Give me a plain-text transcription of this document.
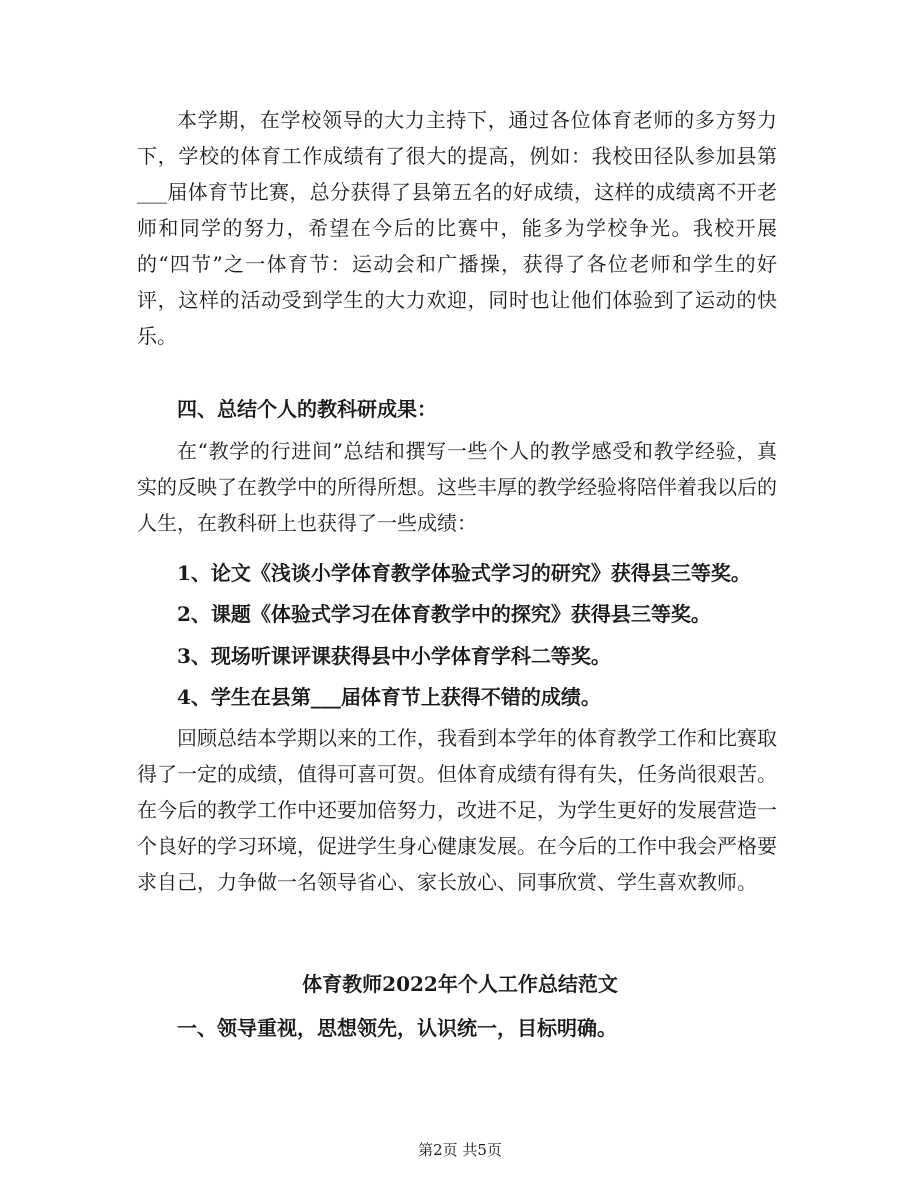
本学期，在学校领导的大力主持下，通过各位体育老师的多方努力下，学校的体育工作成绩有了很大的提高，例如：我校田径队参加县第___届体育节比赛，总分获得了县第五名的好成绩，这样的成绩离不开老师和同学的努力，希望在今后的比赛中，能多为学校争光。我校开展的“四节”之一体育节：运动会和广播操，获得了各位老师和学生的好评，这样的活动受到学生的大力欢迎，同时也让他们体验到了运动的快乐。

四、总结个人的教科研成果：

在“教学的行进间”总结和撰写一些个人的教学感受和教学经验，真实的反映了在教学中的所得所想。这些丰厚的教学经验将陪伴着我以后的人生，在教科研上也获得了一些成绩：

1、论文《浅谈小学体育教学体验式学习的研究》获得县三等奖。

2、课题《体验式学习在体育教学中的探究》获得县三等奖。

3、现场听课评课获得县中小学体育学科二等奖。

4、学生在县第___届体育节上获得不错的成绩。

回顾总结本学期以来的工作，我看到本学年的体育教学工作和比赛取得了一定的成绩，值得可喜可贺。但体育成绩有得有失，任务尚很艰苦。在今后的教学工作中还要加倍努力，改进不足，为学生更好的发展营造一个良好的学习环境，促进学生身心健康发展。在今后的工作中我会严格要求自己，力争做一名领导省心、家长放心、同事欣赏、学生喜欢教师。

体育教师2022年个人工作总结范文

一、领导重视，思想领先，认识统一，目标明确。

第2页 共5页
